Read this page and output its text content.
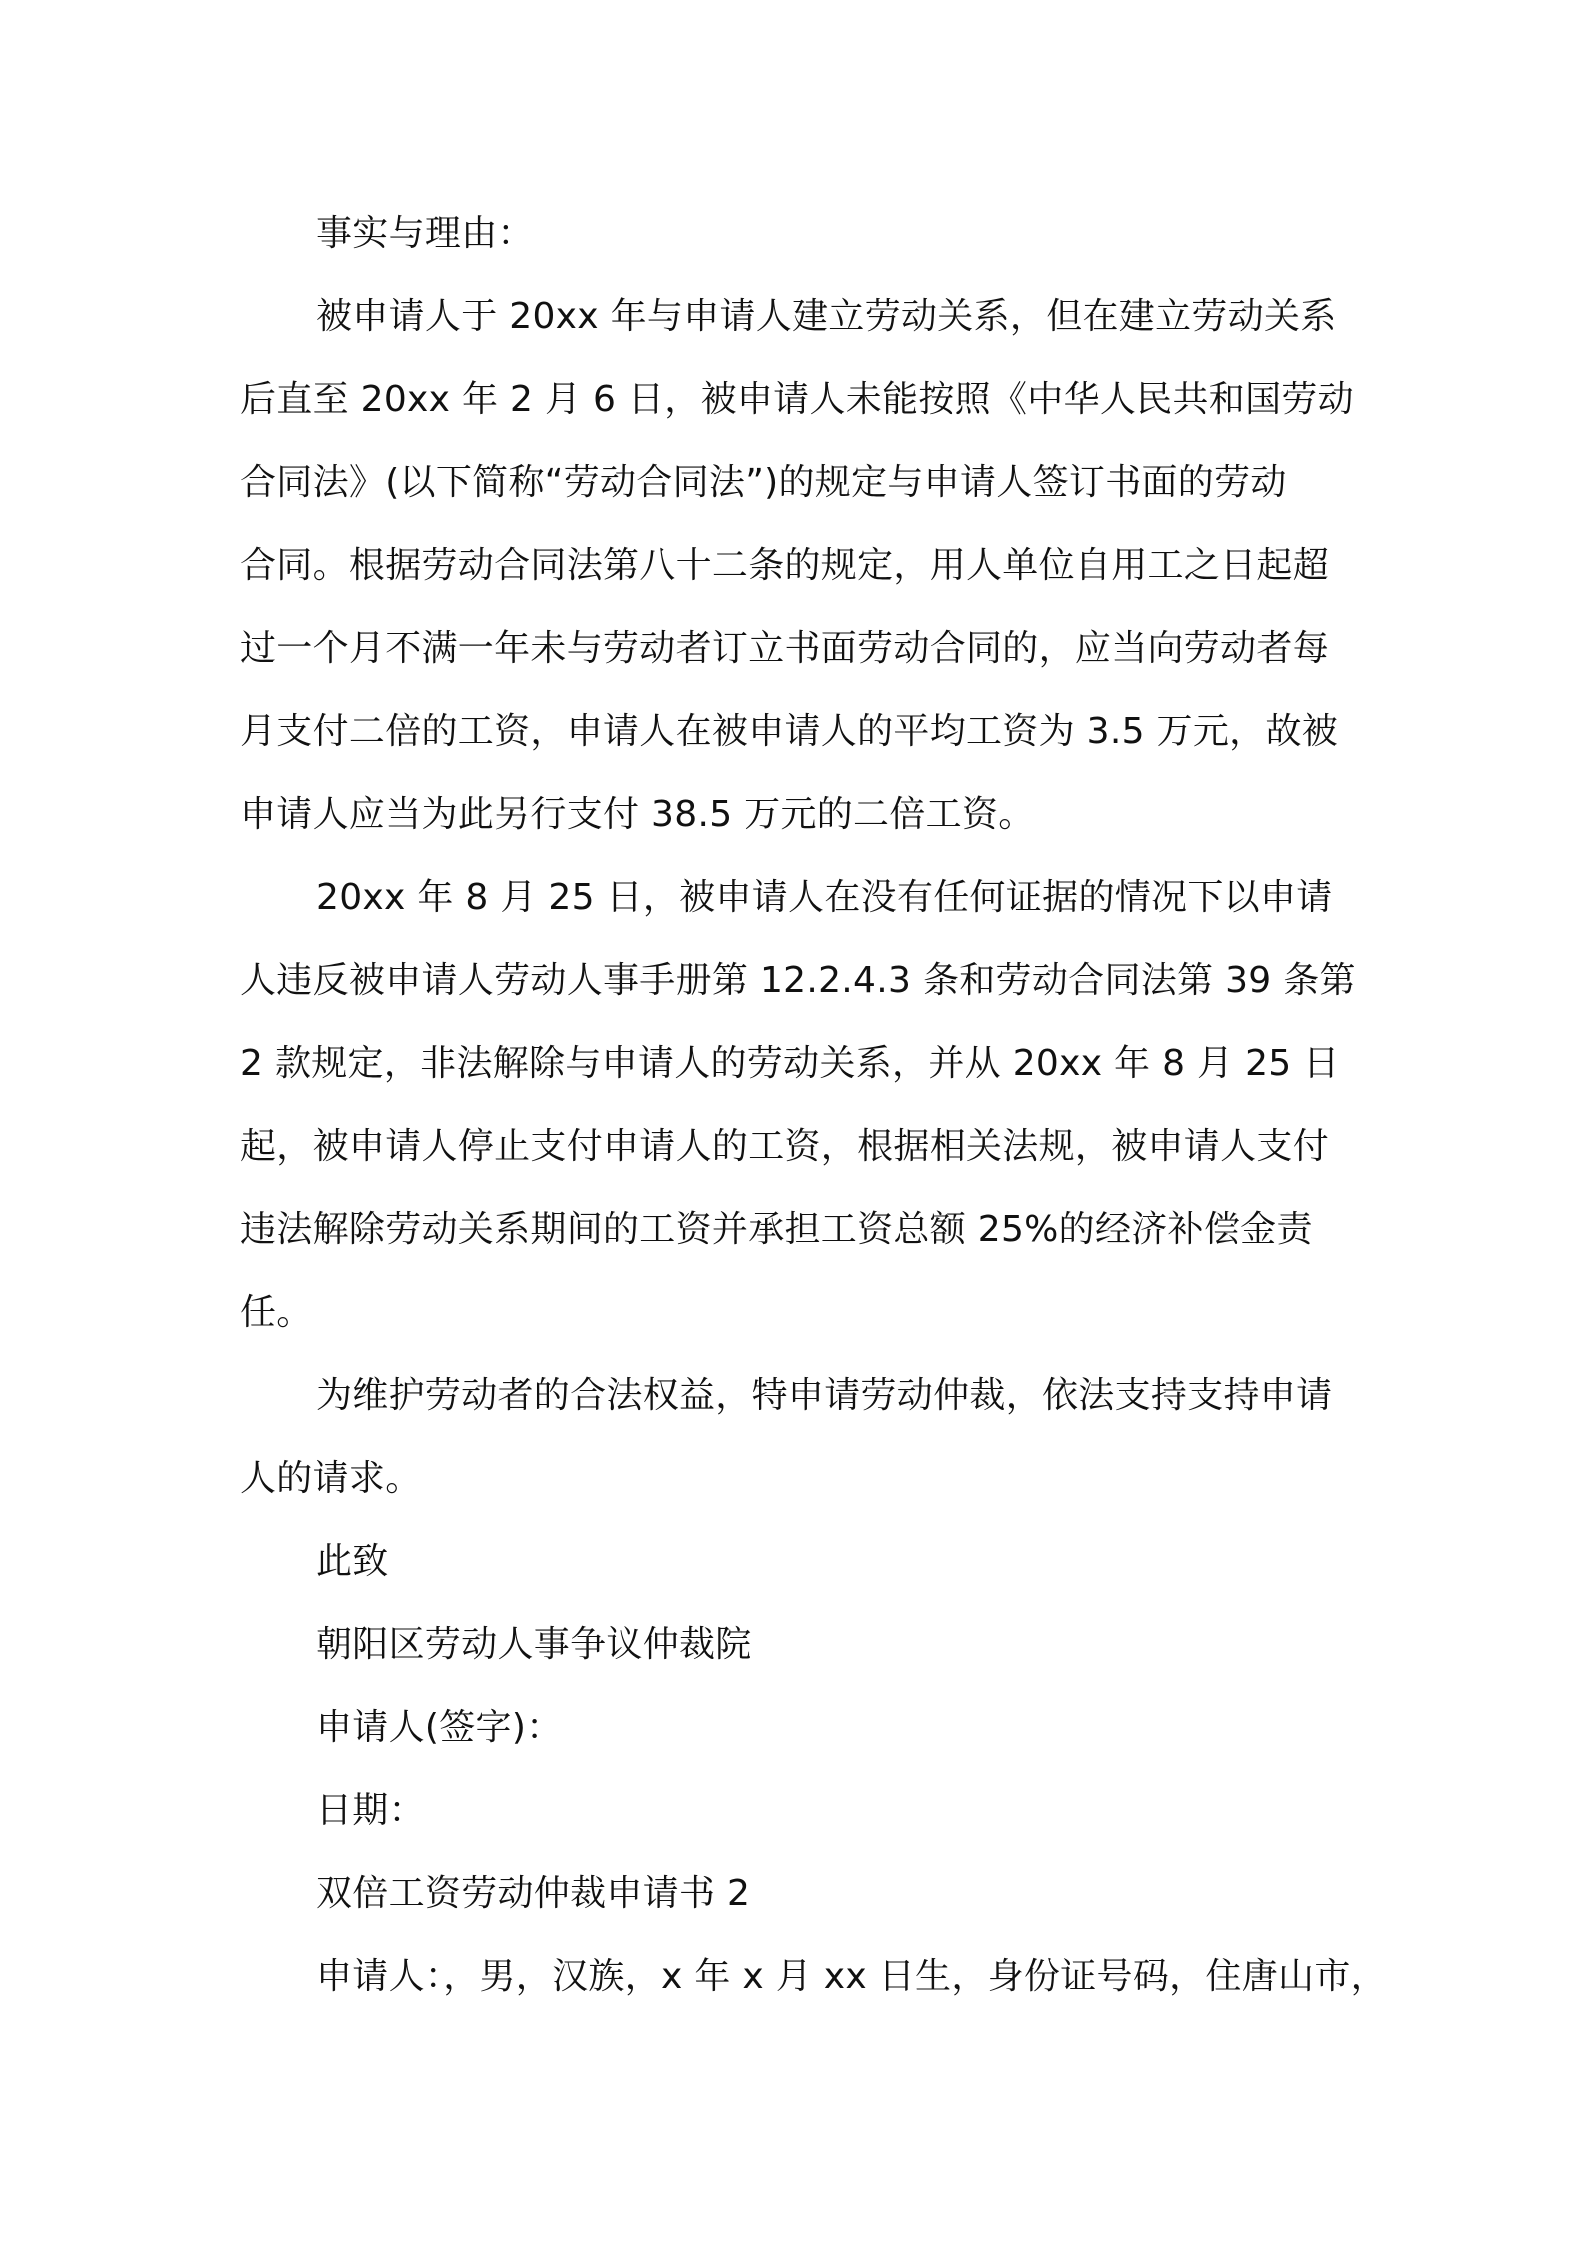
事实与理由：
被申请人于 20xx 年与申请人建立劳动关系，但在建立劳动关系
后直至 20xx 年 2 月 6 日，被申请人未能按照《中华人民共和国劳动
合同法》(以下简称“劳动合同法”)的规定与申请人签订书面的劳动
合同。根据劳动合同法第八十二条的规定，用人单位自用工之日起超
过一个月不满一年未与劳动者订立书面劳动合同的，应当向劳动者每
月支付二倍的工资，申请人在被申请人的平均工资为 3.5 万元，故被
申请人应当为此另行支付 38.5 万元的二倍工资。
20xx 年 8 月 25 日，被申请人在没有任何证据的情况下以申请
人违反被申请人劳动人事手册第 12.2.4.3 条和劳动合同法第 39 条第
2 款规定，非法解除与申请人的劳动关系，并从 20xx 年 8 月 25 日
起，被申请人停止支付申请人的工资，根据相关法规，被申请人支付
违法解除劳动关系期间的工资并承担工资总额 25%的经济补偿金责
任。
为维护劳动者的合法权益，特申请劳动仲裁，依法支持支持申请
人的请求。
此致
朝阳区劳动人事争议仲裁院
申请人(签字)：
日期：
双倍工资劳动仲裁申请书 2
申请人：，男，汉族，x 年 x 月 xx 日生，身份证号码，住唐山市，
